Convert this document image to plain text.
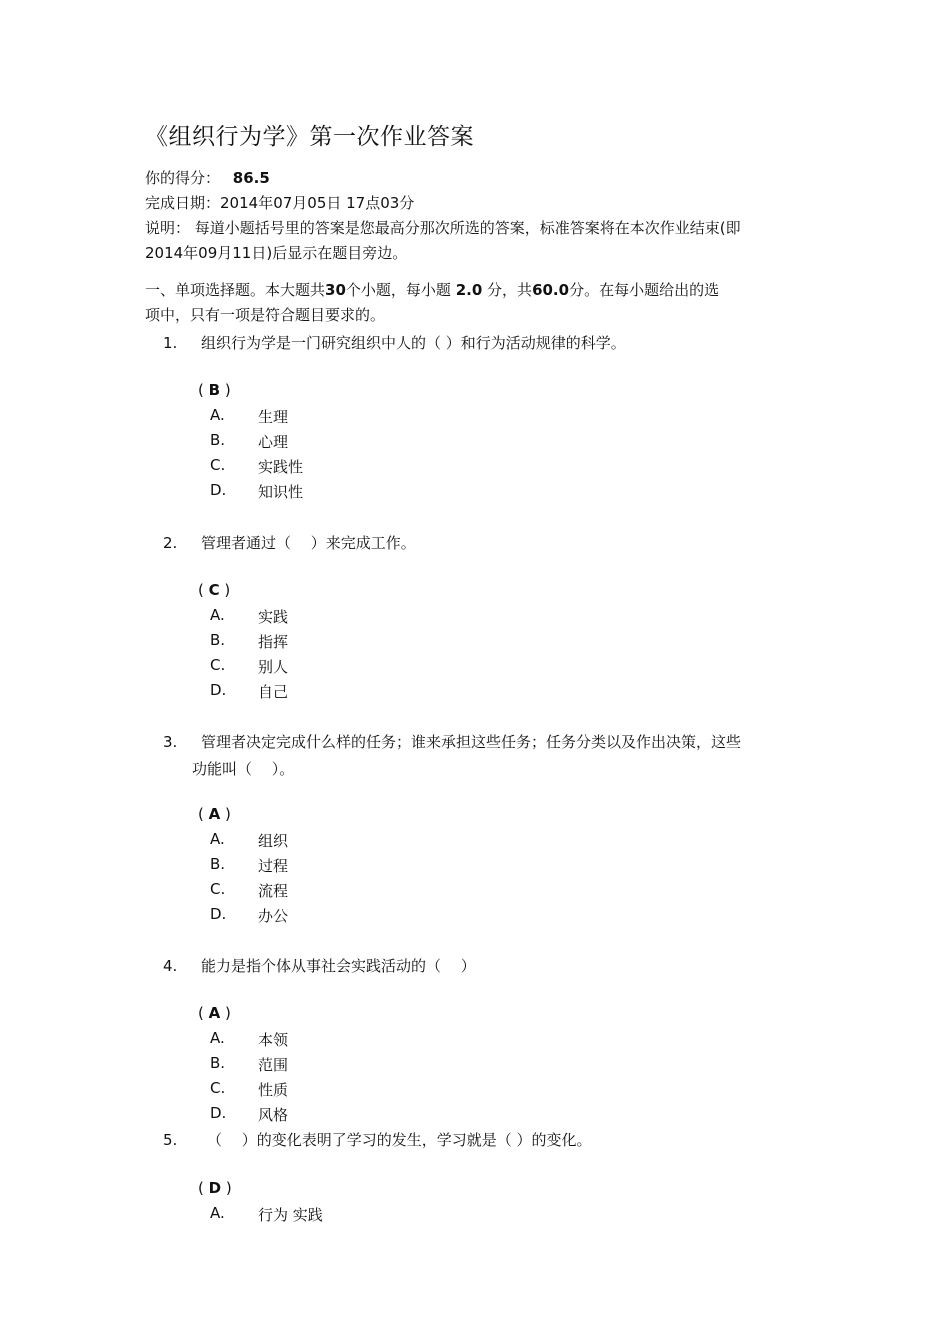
《组织行为学》第一次作业答案
你的得分： 86.5
完成日期：2014年07月05日 17点03分
说明： 每道小题括号里的答案是您最高分那次所选的答案，标准答案将在本次作业结束(即
2014年09月11日)后显示在题目旁边。
一、单项选择题。本大题共30个小题，每小题 2.0 分，共60.0分。在每小题给出的选
项中，只有一项是符合题目要求的。
1. 组织行为学是一门研究组织中人的（ ）和行为活动规律的科学。
( B )
A. 生理
B. 心理
C. 实践性
D. 知识性
2. 管理者通过（　 ）来完成工作。
( C )
A. 实践
B. 指挥
C. 别人
D. 自己
3. 管理者决定完成什么样的任务；谁来承担这些任务；任务分类以及作出决策，这些
功能叫（　 ）。
( A )
A. 组织
B. 过程
C. 流程
D. 办公
4. 能力是指个体从事社会实践活动的（　 ）
( A )
A. 本领
B. 范围
C. 性质
D. 风格
5. （　 ）的变化表明了学习的发生，学习就是（ ）的变化。
( D )
A. 行为 实践
